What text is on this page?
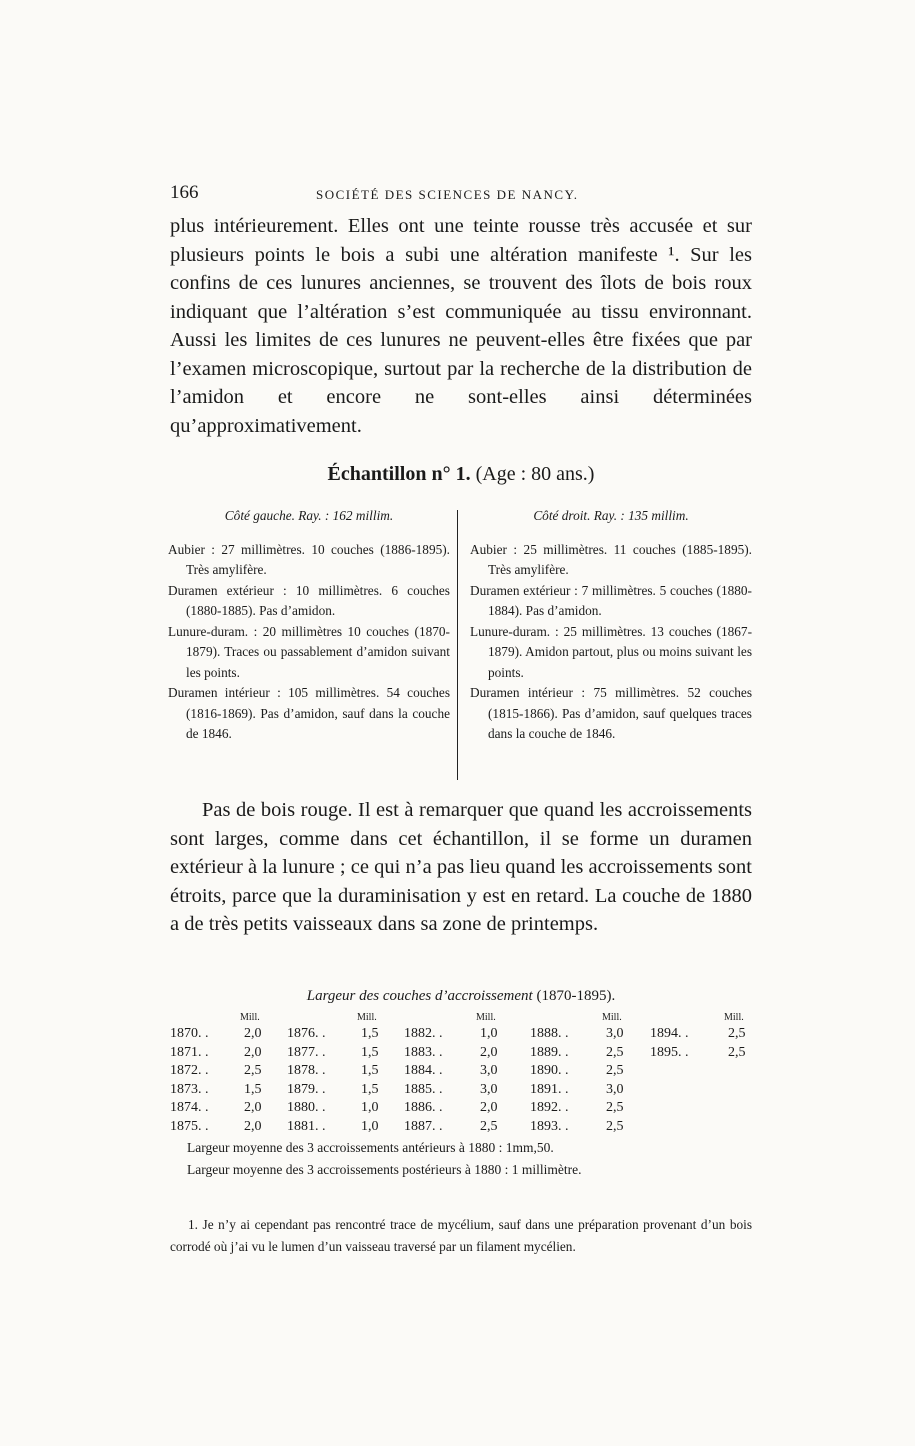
166	SOCIÉTÉ DES SCIENCES DE NANCY.

plus intérieurement. Elles ont une teinte rousse très accusée et sur plusieurs points le bois a subi une altération manifeste ¹. Sur les confins de ces lunures anciennes, se trouvent des îlots de bois roux indiquant que l’altération s’est communiquée au tissu environnant. Aussi les limites de ces lunures ne peuvent-elles être fixées que par l’examen microscopique, surtout par la recherche de la distribution de l’amidon et encore ne sont-elles ainsi déterminées qu’approximativement.

Échantillon n° 1. (Age : 80 ans.)
Côté gauche. Ray. : 162 millim.

Aubier : 27 millimètres. 10 couches (1886-1895). Très amylifère.

Duramen extérieur : 10 millimètres. 6 couches (1880-1885). Pas d’amidon.

Lunure-duram. : 20 millimètres 10 couches (1870-1879). Traces ou passablement d’amidon suivant les points.

Duramen intérieur : 105 millimètres. 54 couches (1816-1869). Pas d’amidon, sauf dans la couche de 1846.

Côté droit. Ray. : 135 millim.

Aubier : 25 millimètres. 11 couches (1885-1895). Très amylifère.

Duramen extérieur : 7 millimètres. 5 couches (1880-1884). Pas d’amidon.

Lunure-duram. : 25 millimètres. 13 couches (1867-1879). Amidon partout, plus ou moins suivant les points.

Duramen intérieur : 75 millimètres. 52 couches (1815-1866). Pas d’amidon, sauf quelques traces dans la couche de 1846.

Pas de bois rouge. Il est à remarquer que quand les accroissements sont larges, comme dans cet échantillon, il se forme un duramen extérieur à la lunure ; ce qui n’a pas lieu quand les accroissements sont étroits, parce que la duraminisation y est en retard. La couche de 1880 a de très petits vaisseaux dans sa zone de printemps.

Largeur des couches d’accroissement (1870-1895).
Mill.	Mill.	Mill.	Mill.	Mill.
1870. .	2,0 1876. .	1,5 1882. .	1,0 1888. .	3,0 1894. .	2,5
1871. .	2,0 1877. .	1,5 1883. .	2,0 1889. .	2,5 1895. .	2,5
1872. .	2,5 1878. .	1,5 1884. .	3,0 1890. .	2,5
1873. .	1,5 1879. .	1,5 1885. .	3,0 1891. .	3,0
1874. .	2,0 1880. .	1,0 1886. .	2,0 1892. .	2,5
1875. .	2,0 1881. .	1,0 1887. .	2,5 1893. .	2,5
Largeur moyenne des 3 accroissements antérieurs à 1880 : 1mm,50.
Largeur moyenne des 3 accroissements postérieurs à 1880 : 1 millimètre.

1. Je n’y ai cependant pas rencontré trace de mycélium, sauf dans une préparation provenant d’un bois corrodé où j’ai vu le lumen d’un vaisseau traversé par un filament mycélien.
